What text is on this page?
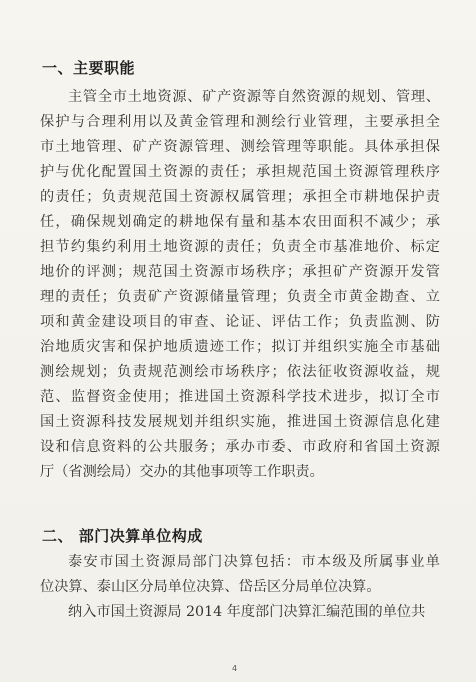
一、主要职能
主管全市土地资源、矿产资源等自然资源的规划、管理、
保护与合理利用以及黄金管理和测绘行业管理，主要承担全
市土地管理、矿产资源管理、测绘管理等职能。具体承担保
护与优化配置国土资源的责任；承担规范国土资源管理秩序
的责任；负责规范国土资源权属管理；承担全市耕地保护责
任，确保规划确定的耕地保有量和基本农田面积不减少；承
担节约集约利用土地资源的责任；负责全市基准地价、标定
地价的评测；规范国土资源市场秩序；承担矿产资源开发管
理的责任；负责矿产资源储量管理；负责全市黄金勘查、立
项和黄金建设项目的审查、论证、评估工作；负责监测、防
治地质灾害和保护地质遗迹工作；拟订并组织实施全市基础
测绘规划；负责规范测绘市场秩序；依法征收资源收益，规
范、监督资金使用；推进国土资源科学技术进步，拟订全市
国土资源科技发展规划并组织实施，推进国土资源信息化建
设和信息资料的公共服务；承办市委、市政府和省国土资源
厅（省测绘局）交办的其他事项等工作职责。
二、 部门决算单位构成
泰安市国土资源局部门决算包括：市本级及所属事业单
位决算、泰山区分局单位决算、岱岳区分局单位决算。
纳入市国土资源局 2014 年度部门决算汇编范围的单位共
4
